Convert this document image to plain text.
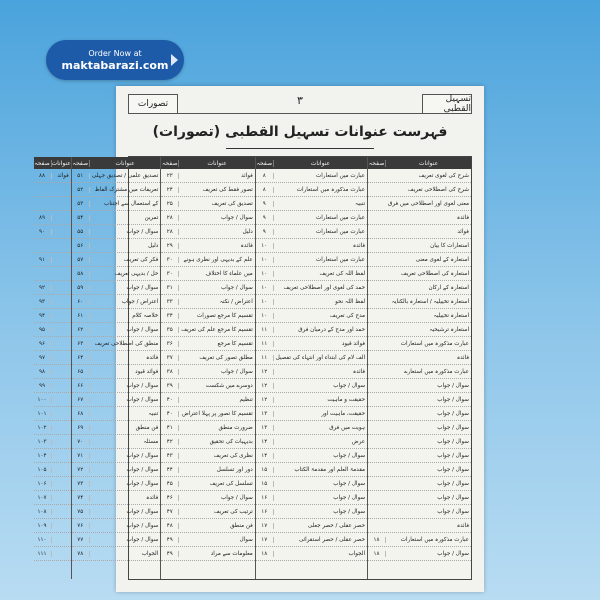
Order Now at
maktabarazi.com
تسہیل القطبی
۳
تصورات
فہرست عنوانات تسہیل القطبی (تصورات)
عنوانات
صفحہ
شرح کی لغوی تعریف
شرح کی اصطلاحی تعریف
معنی لغوی اور اصطلاحی میں فرق
فائدہ
فوائد
استعارات کا بیان
استعارہ کے لغوی معنی
استعارہ کی اصطلاحی تعریف
استعارہ کے ارکان
استعارہ تخییلیہ / استعارہ بالکنایہ
استعارہ تخییلیہ
استعارہ ترشیحیہ
عبارت مذکورہ میں استعارات
فائدہ
عبارت مذکورہ میں استعارے
سوال / جواب
سوال / جواب
سوال / جواب
سوال / جواب
سوال / جواب
سوال / جواب
سوال / جواب
سوال / جواب
سوال / جواب
سوال / جواب
فائدہ
عبارت مذکورہ میں استعارات
۱۸
سوال / جواب
۱۸
عنوانات
صفحہ
عبارت میں استعارات
۸
عبارت مذکورہ میں استعارات
۸
تنبیہ
۹
عبارت میں استعارات
۹
عبارت میں استعارات
۹
فائدہ
۱۰
عبارت میں استعارات
۱۰
لفظ اللہ کی تعریف
۱۰
حمد کی لغوی اور اصطلاحی تعریف
۱۰
لفظ اللہ نحو
۱۰
مدح کی تعریف
۱۰
حمد اور مدح کے درمیان فرق
۱۱
فوائد قیود
۱۱
الف لام کی ابتداء اور انتہاء کی تفصیل
۱۱
فائدہ
۱۲
سوال / جواب
۱۲
حقیقت و ماہیت
۱۲
حقیقت، ماہیت اور
۱۳
ہویت میں فرق
۱۳
عرض
۱۴
سوال / جواب
۱۴
مقدمۃ العلم اور مقدمۃ الکتاب
۱۵
سوال / جواب
۱۵
سوال / جواب
۱۶
سوال / جواب
۱۶
حصر عقلی / حصر جعلی
۱۷
حصر عقلی / حصر استقرائی
۱۷
الجواب
۱۸
عنوانات
صفحہ
فوائد
۲۳
تصور فقط کی تعریف
۲۴
تصدیق کی تعریف
۲۵
سوال / جواب
۲۸
دلیل
۲۸
فائدہ
۲۹
علم کے بدیہی اور نظری ہونے
۳۰
میں علماء کا اختلاف
۳۰
سوال / جواب
۳۱
اعتراض / نکتہ
۳۳
تقسیم کا مرجع تصورات
۳۴
تقسیم کا مرجع علم کی تعریف
۳۵
تقسیم کا مرجع
۳۶
مطلق تصور کی تعریف
۳۷
سوال / جواب
۳۸
دوسرے میں شکست
۳۹
تنظیم
۴۰
تقسیم کا تصور پر پہلا اعتراض
۴۰
ضرورت منطق
۴۱
بدیہیات کی تحقیق
۴۲
نظری کی تعریف
۴۳
دور اور تسلسل
۴۴
تسلسل کی تعریف
۴۵
سوال / جواب
۴۶
ترتیب کی تعریف
۴۷
فن منطق
۴۸
سوال
۴۹
معلومات سے مراد
۴۹
عنوانات
صفحہ
تصدیق علمی / تصدیق جہلی
۵۱
تعریفات میں مشترک الفاظ
۵۲
کے استعمال سے اجتناب
۵۳
تمرین
۵۴
سوال / جواب
۵۵
دلیل
۵۶
فکر کی تعریف
۵۷
حل / بدیہی تعریف
۵۸
سوال / جواب
۵۹
اعتراض / جواب
۶۰
خلاصہ کلام
۶۱
سوال / جواب
۶۲
منطق کی اصطلاحی تعریف
۶۳
فائدہ
۶۴
فوائد قیود
۶۵
سوال / جواب
۶۶
سوال / جواب
۶۷
تنبیہ
۶۸
فن منطق
۶۹
مسئلہ
۷۰
سوال / جواب
۷۱
سوال / جواب
۷۲
سوال / جواب
۷۳
فائدہ
۷۴
سوال / جواب
۷۵
سوال / جواب
۷۶
سوال / جواب
۷۷
الجواب
۷۸
عنوانات
صفحہ
فوائد
۸۸
۸۹
۹۰
۹۱
۹۲
۹۳
۹۴
۹۵
۹۶
۹۷
۹۸
۹۹
۱۰۰
۱۰۱
۱۰۲
۱۰۳
۱۰۴
۱۰۵
۱۰۶
۱۰۷
۱۰۸
۱۰۹
۱۱۰
۱۱۱
